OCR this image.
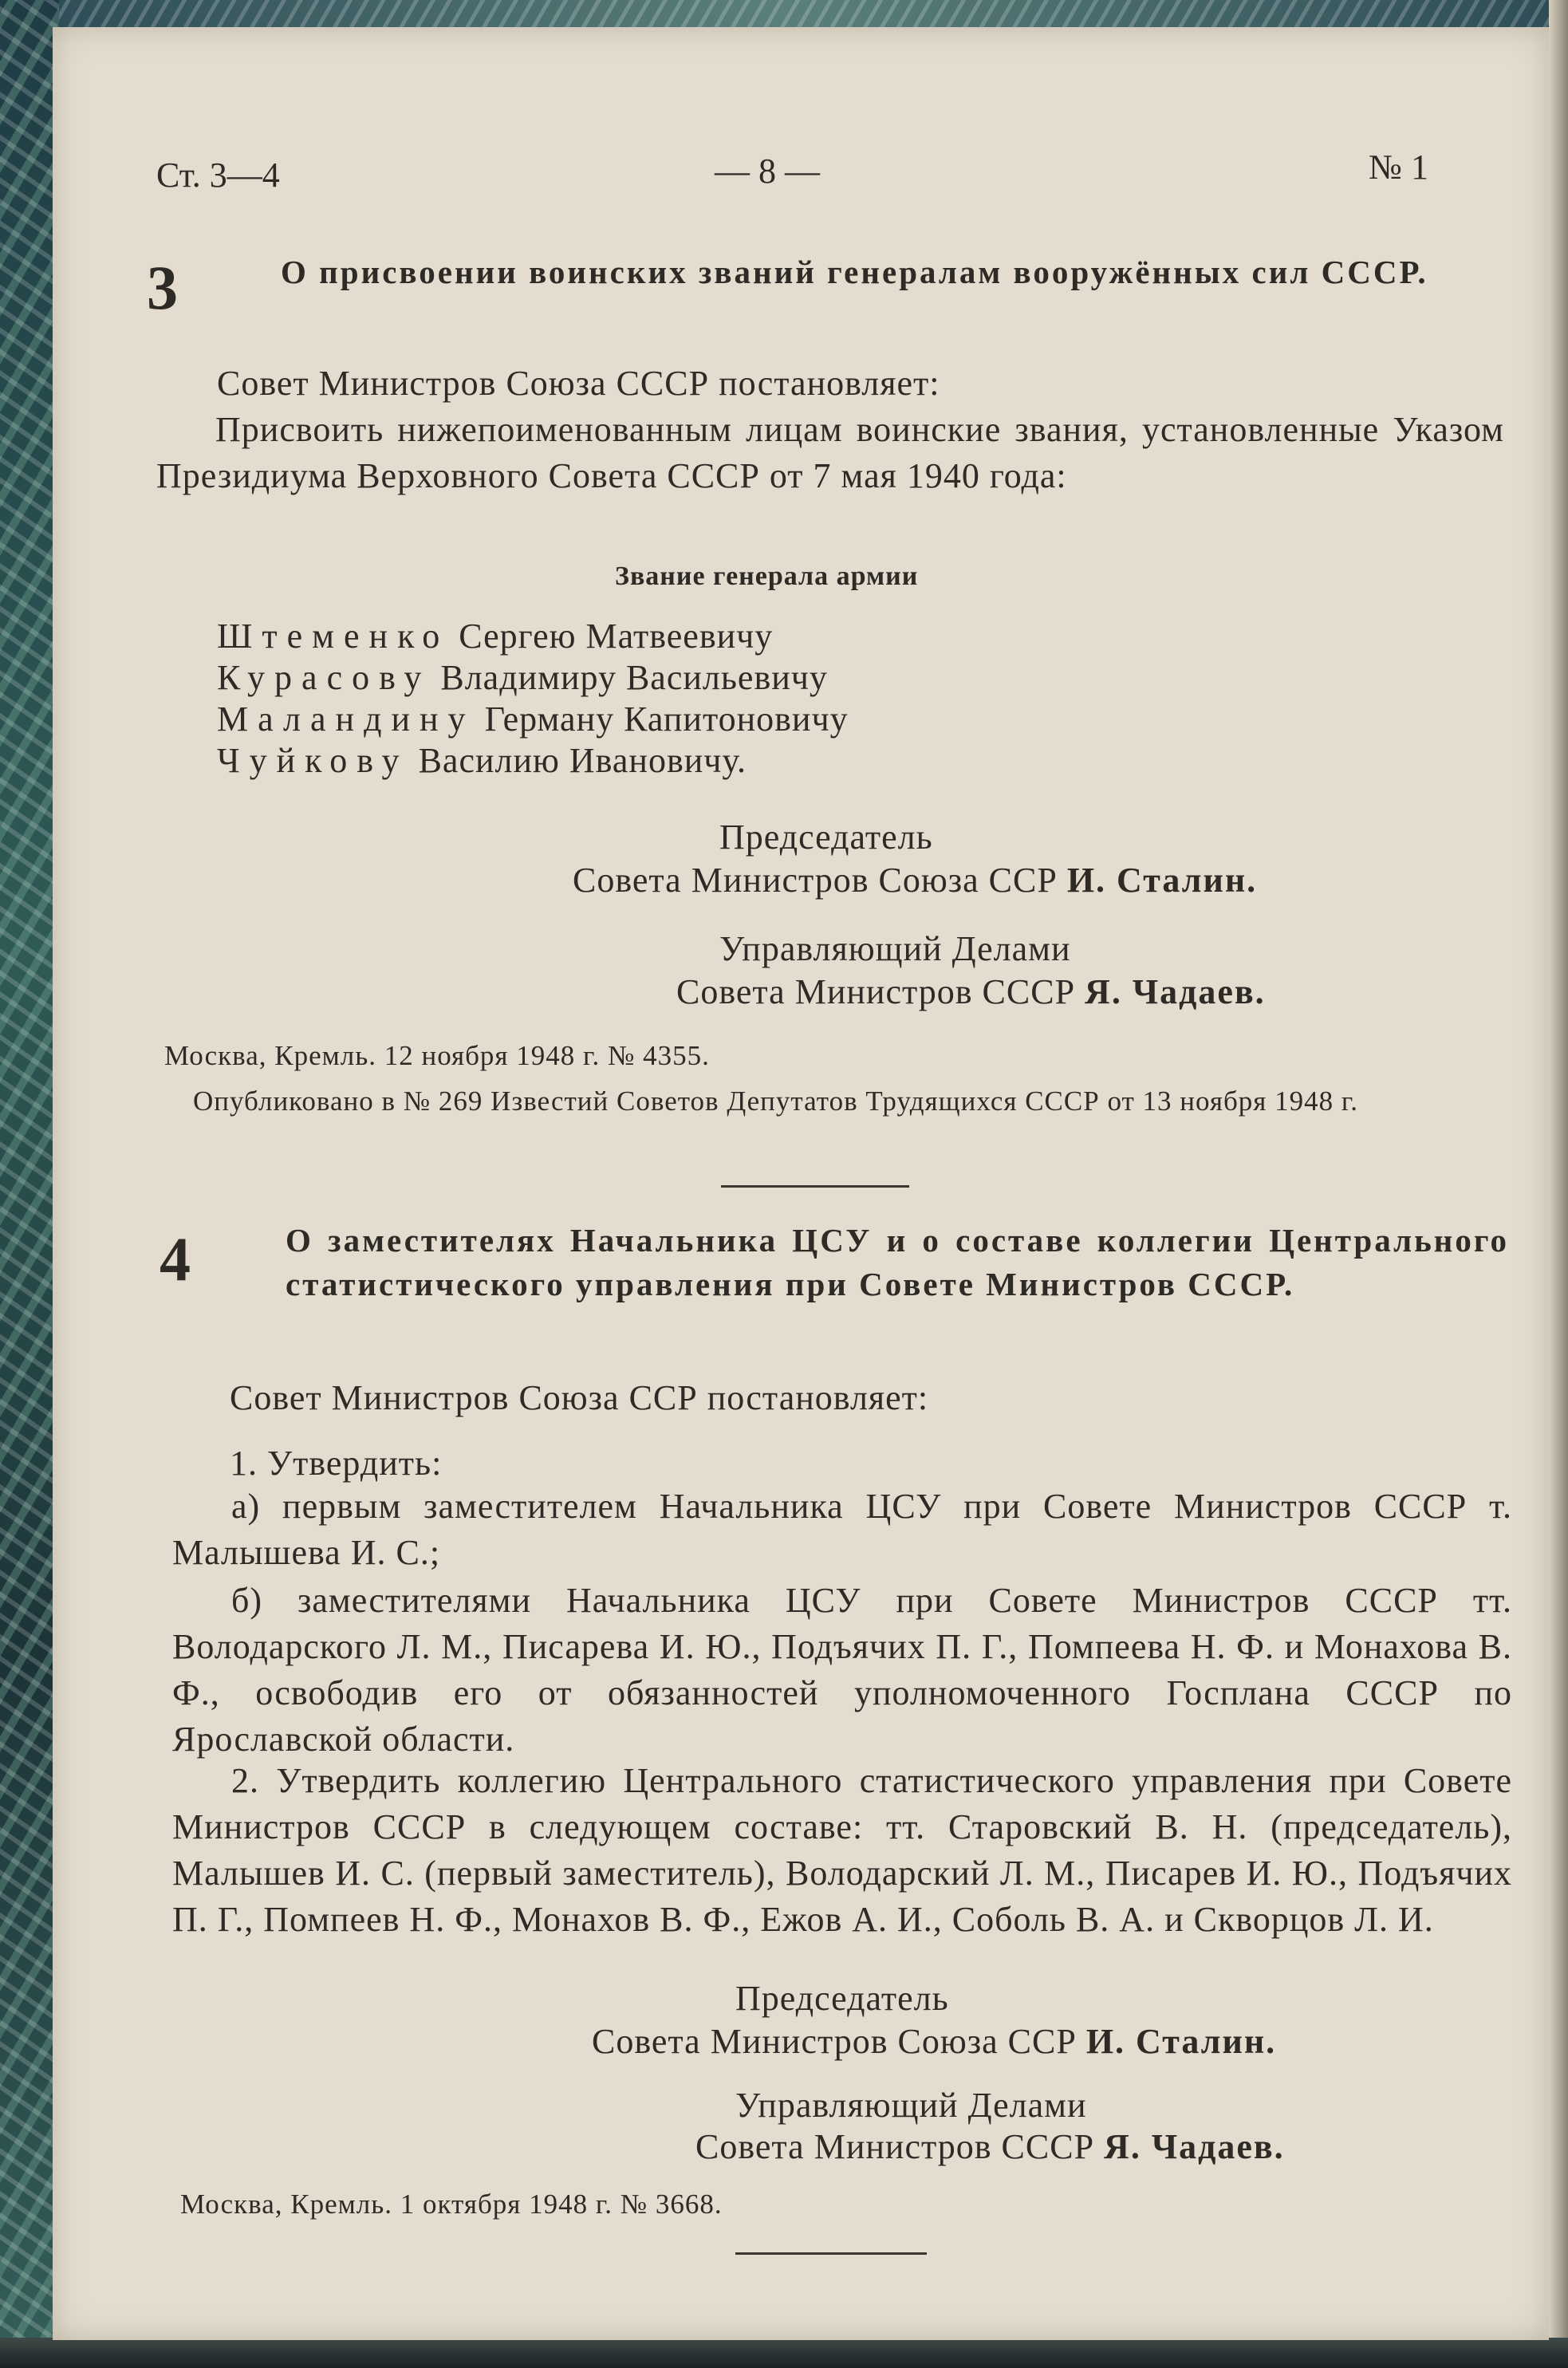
Ст. 3—4	— 8 —	№ 1
3	О присвоении воинских званий генералам вооружённых сил СССР.
Совет Министров Союза СССР постановляет:
Присвоить нижепоименованным лицам воинские звания, установленные Указом Президиума Верховного Совета СССР от 7 мая 1940 года:
Звание генерала армии
Штеменко Сергею Матвеевичу
Курасову Владимиру Васильевичу
Маландину Герману Капитоновичу
Чуйкову Василию Ивановичу.
Председатель
Совета Министров Союза ССР И. Сталин.
Управляющий Делами
Совета Министров СССР Я. Чадаев.
Москва, Кремль. 12 ноября 1948 г. № 4355.
Опубликовано в № 269 Известий Советов Депутатов Трудящихся СССР от 13 ноября 1948 г.
4	О заместителях Начальника ЦСУ и о составе коллегии Центрального статистического управления при Совете Министров СССР.
Совет Министров Союза ССР постановляет:
1. Утвердить:
а) первым заместителем Начальника ЦСУ при Совете Министров СССР т. Малышева И. С.;
б) заместителями Начальника ЦСУ при Совете Министров СССР тт. Володарского Л. М., Писарева И. Ю., Подъячих П. Г., Помпеева Н. Ф. и Монахова В. Ф., освободив его от обязанностей уполномоченного Госплана СССР по Ярославской области.
2. Утвердить коллегию Центрального статистического управления при Совете Министров СССР в следующем составе: тт. Старовский В. Н. (председатель), Малышев И. С. (первый заместитель), Володарский Л. М., Писарев И. Ю., Подъячих П. Г., Помпеев Н. Ф., Монахов В. Ф., Ежов А. И., Соболь В. А. и Скворцов Л. И.
Председатель
Совета Министров Союза ССР И. Сталин.
Управляющий Делами
Совета Министров СССР Я. Чадаев.
Москва, Кремль. 1 октября 1948 г. № 3668.
